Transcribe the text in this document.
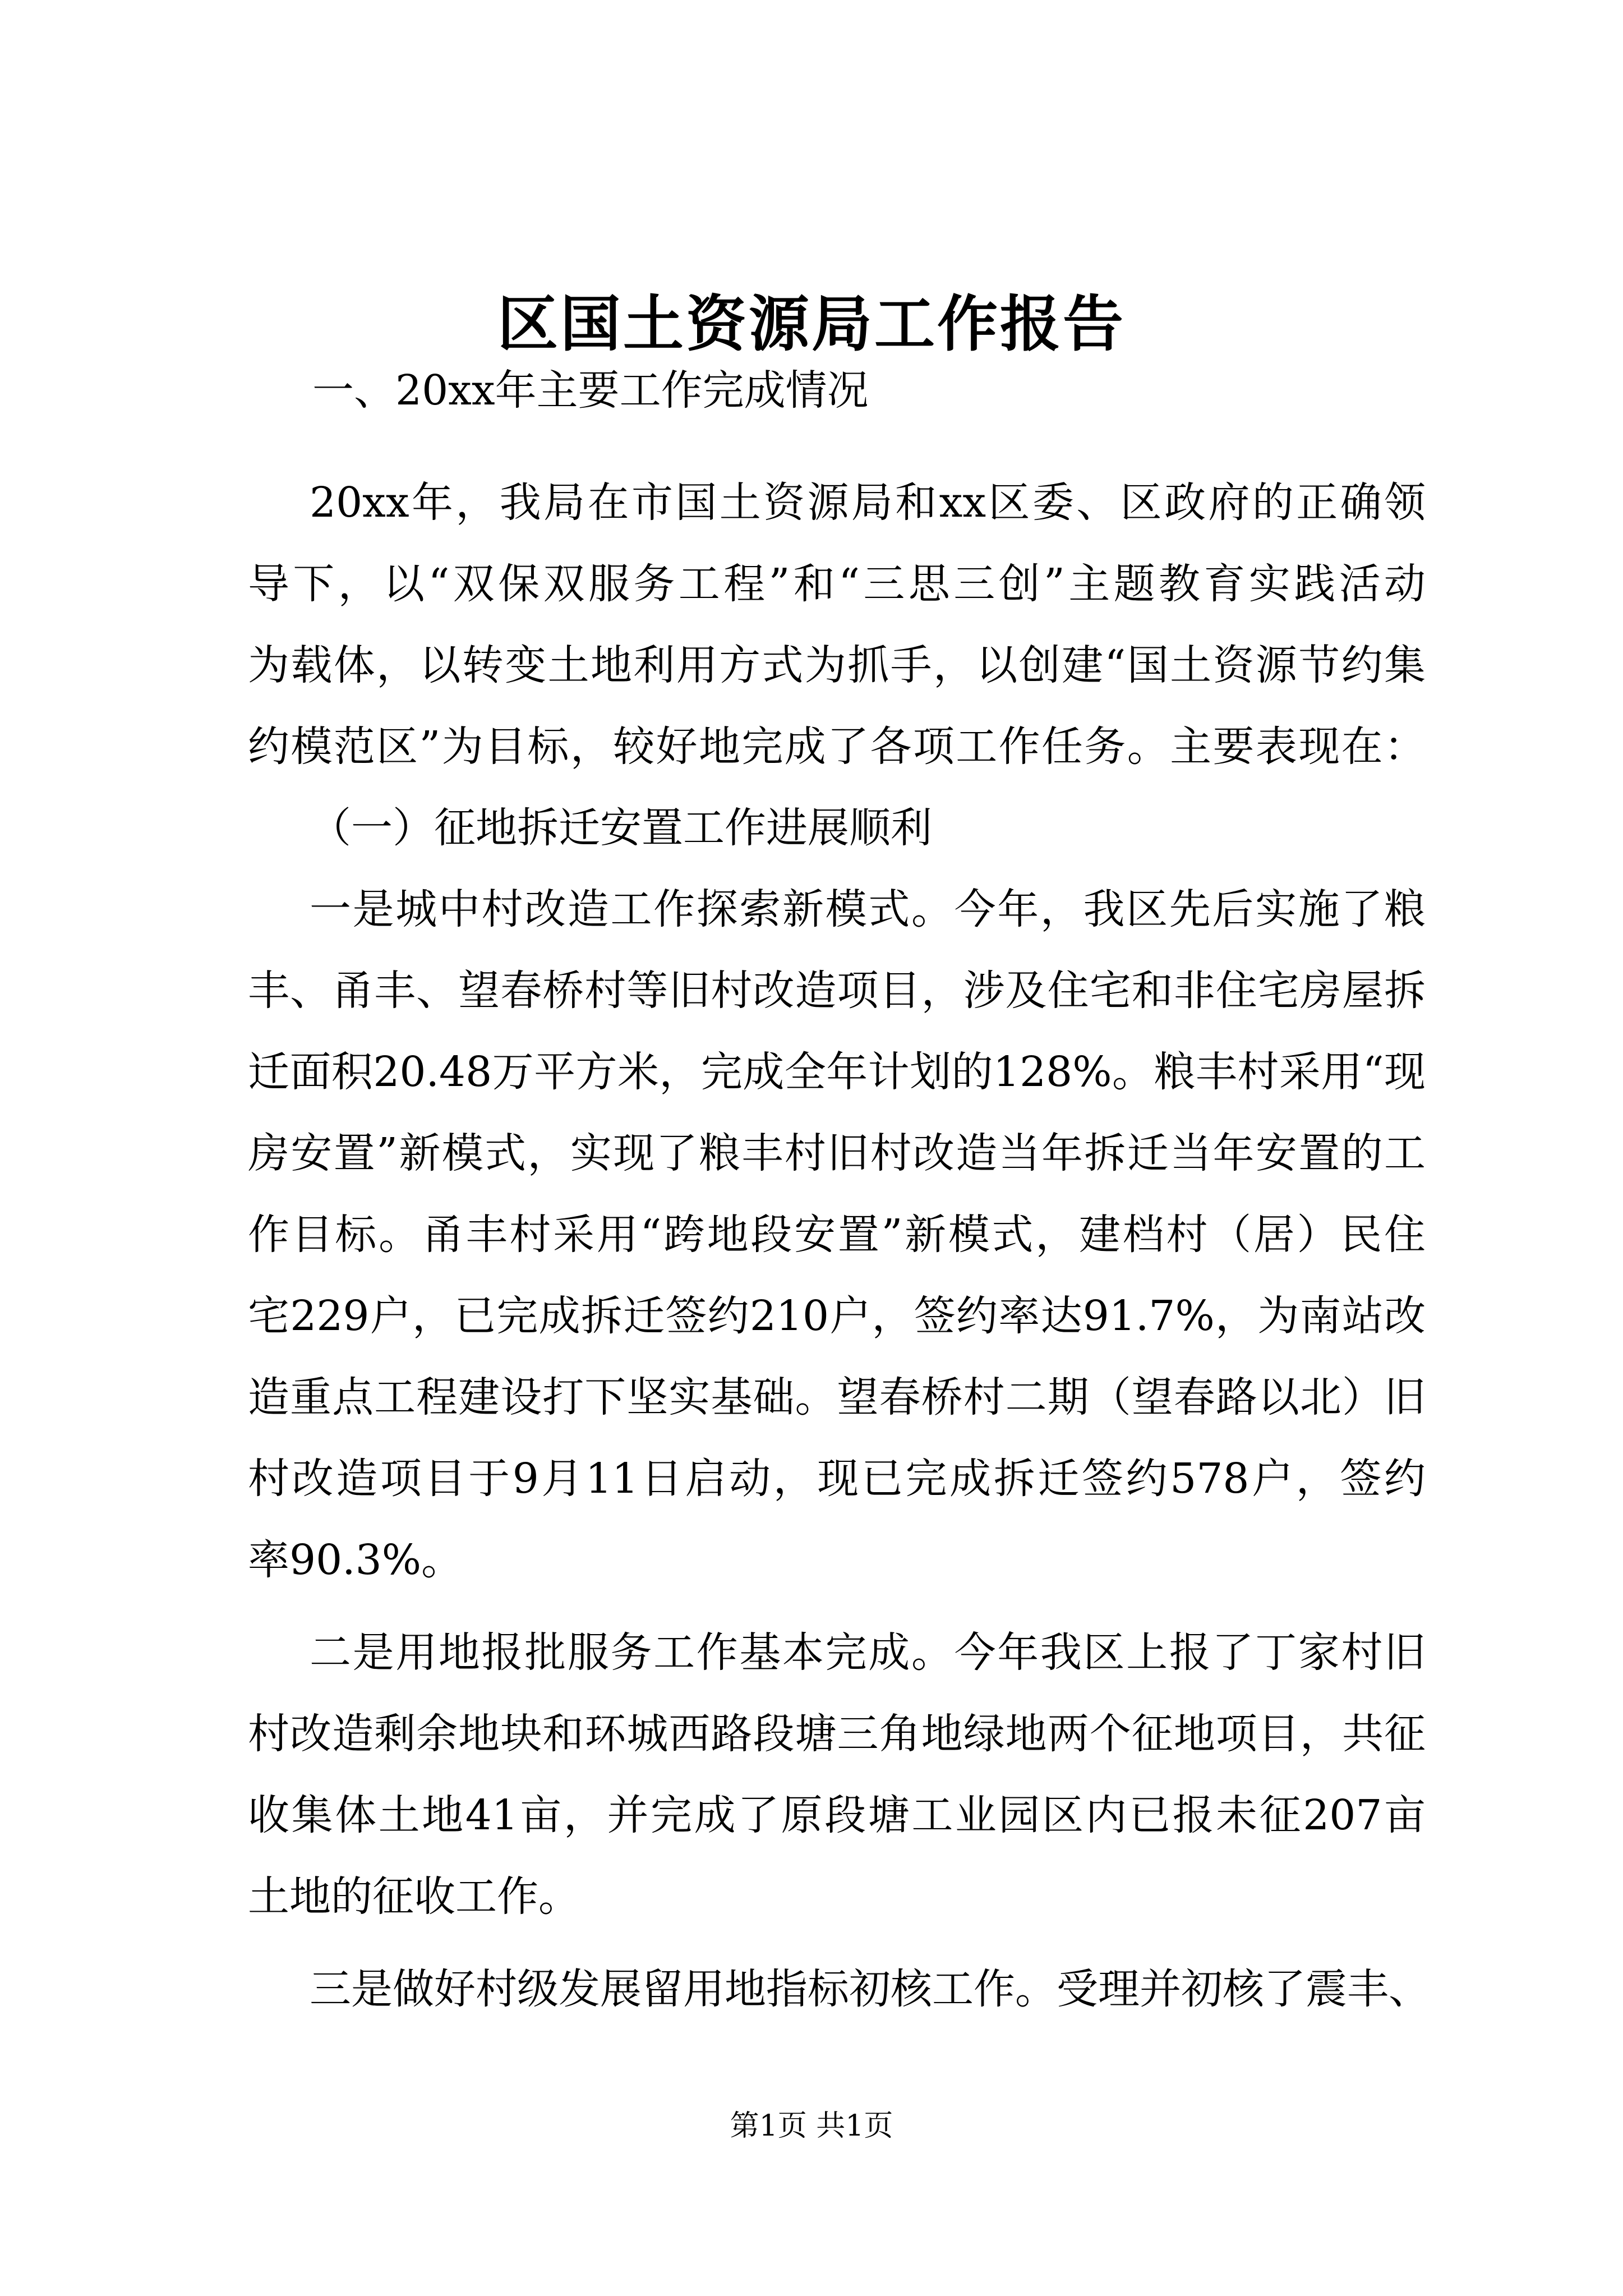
区国土资源局工作报告
一、20xx年主要工作完成情况
20xx年，我局在市国土资源局和xx区委、区政府的正确领
导下，以“双保双服务工程”和“三思三创”主题教育实践活动
为载体，以转变土地利用方式为抓手，以创建“国土资源节约集
约模范区”为目标，较好地完成了各项工作任务。主要表现在：
（一）征地拆迁安置工作进展顺利
一是城中村改造工作探索新模式。今年，我区先后实施了粮
丰、甬丰、望春桥村等旧村改造项目，涉及住宅和非住宅房屋拆
迁面积20.48万平方米，完成全年计划的128%。粮丰村采用“现
房安置”新模式，实现了粮丰村旧村改造当年拆迁当年安置的工
作目标。甬丰村采用“跨地段安置”新模式，建档村（居）民住
宅229户，已完成拆迁签约210户，签约率达91.7%，为南站改
造重点工程建设打下坚实基础。望春桥村二期（望春路以北）旧
村改造项目于9月11日启动，现已完成拆迁签约578户，签约
率90.3%。
二是用地报批服务工作基本完成。今年我区上报了丁家村旧
村改造剩余地块和环城西路段塘三角地绿地两个征地项目，共征
收集体土地41亩，并完成了原段塘工业园区内已报未征207亩
土地的征收工作。
三是做好村级发展留用地指标初核工作。受理并初核了震丰、
第1页 共1页
